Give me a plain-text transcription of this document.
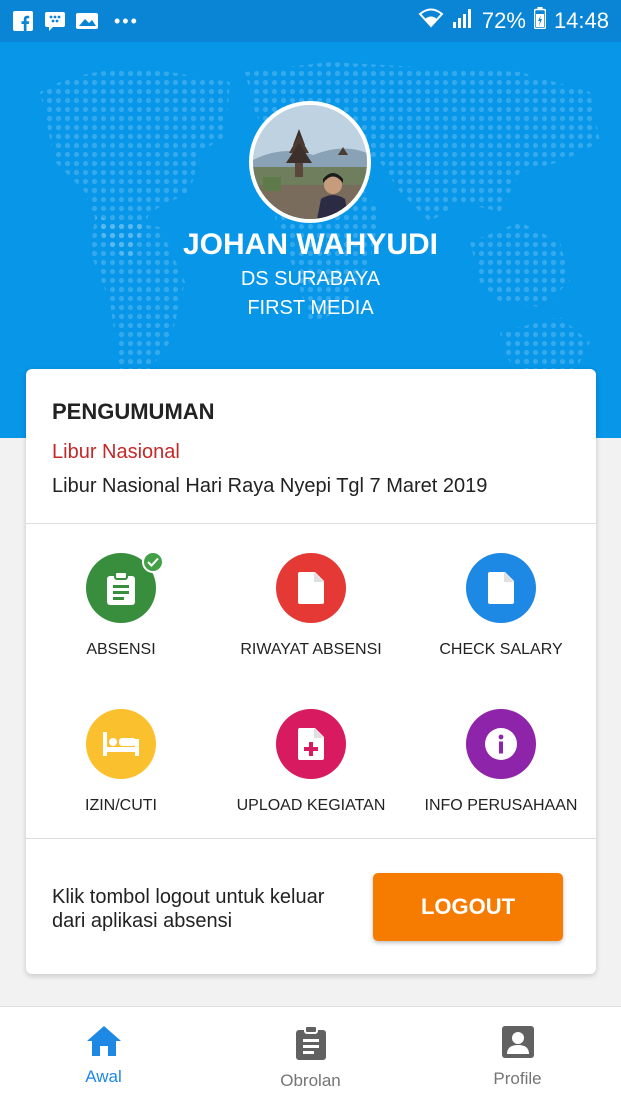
•••	72% 14:48
JOHAN WAHYUDI
DS SURABAYA
FIRST MEDIA
PENGUMUMAN
Libur Nasional
Libur Nasional Hari Raya Nyepi Tgl 7 Maret 2019
ABSENSI	RIWAYAT ABSENSI	CHECK SALARY
IZIN/CUTI	UPLOAD KEGIATAN INFO PERUSAHAAN
Klik tombol logout untuk keluar dari aplikasi absensi
LOGOUT
Awal	Obrolan	Profile
